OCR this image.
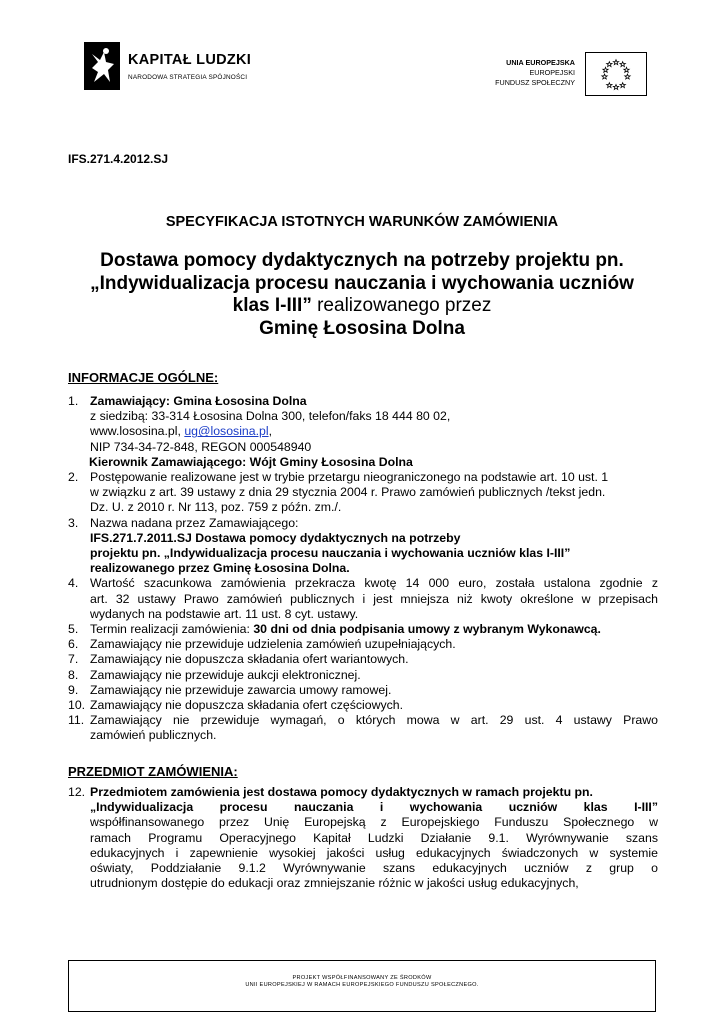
KAPITAŁ LUDZKI
NARODOWA STRATEGIA SPÓJNOŚCI
UNIA EUROPEJSKA
EUROPEJSKI
FUNDUSZ SPOŁECZNY
IFS.271.4.2012.SJ
SPECYFIKACJA ISTOTNYCH WARUNKÓW ZAMÓWIENIA
Dostawa pomocy dydaktycznych na potrzeby projektu pn.
„Indywidualizacja procesu nauczania i wychowania uczniów
klas I-III” realizowanego przez
Gminę Łososina Dolna
INFORMACJE OGÓLNE:
1. Zamawiający: Gmina Łososina Dolna
z siedzibą: 33-314 Łososina Dolna 300, telefon/faks 18 444 80 02,
www.lososina.pl, ug@lososina.pl,
NIP 734-34-72-848, REGON 000548940
Kierownik Zamawiającego: Wójt Gminy Łososina Dolna
2. Postępowanie realizowane jest w trybie przetargu nieograniczonego na podstawie art. 10 ust. 1
w związku z art. 39 ustawy z dnia 29 stycznia 2004 r. Prawo zamówień publicznych /tekst jedn.
Dz. U. z 2010 r. Nr 113, poz. 759 z późn. zm./.
3. Nazwa nadana przez Zamawiającego:
IFS.271.7.2011.SJ Dostawa pomocy dydaktycznych na potrzeby
projektu pn. „Indywidualizacja procesu nauczania i wychowania uczniów klas I-III”
realizowanego przez Gminę Łososina Dolna.
4. Wartość szacunkowa zamówienia przekracza kwotę 14 000 euro, została ustalona zgodnie z
art. 32 ustawy Prawo zamówień publicznych i jest mniejsza niż kwoty określone w przepisach
wydanych na podstawie art. 11 ust. 8 cyt. ustawy.
5. Termin realizacji zamówienia: 30 dni od dnia podpisania umowy z wybranym Wykonawcą.
6. Zamawiający nie przewiduje udzielenia zamówień uzupełniających.
7. Zamawiający nie dopuszcza składania ofert wariantowych.
8. Zamawiający nie przewiduje aukcji elektronicznej.
9. Zamawiający nie przewiduje zawarcia umowy ramowej.
10. Zamawiający nie dopuszcza składania ofert częściowych.
11. Zamawiający nie przewiduje wymagań, o których mowa w art. 29 ust. 4 ustawy Prawo
zamówień publicznych.
PRZEDMIOT ZAMÓWIENIA:
12. Przedmiotem zamówienia jest dostawa pomocy dydaktycznych w ramach projektu pn.
„Indywidualizacja procesu nauczania i wychowania uczniów klas I-III”
współfinansowanego przez Unię Europejską z Europejskiego Funduszu Społecznego w
ramach Programu Operacyjnego Kapitał Ludzki Działanie 9.1. Wyrównywanie szans
edukacyjnych i zapewnienie wysokiej jakości usług edukacyjnych świadczonych w systemie
oświaty, Poddziałanie 9.1.2 Wyrównywanie szans edukacyjnych uczniów z grup o
utrudnionym dostępie do edukacji oraz zmniejszanie różnic w jakości usług edukacyjnych,
PROJEKT WSPÓŁFINANSOWANY ZE ŚRODKÓW
UNII EUROPEJSKIEJ W RAMACH EUROPEJSKIEGO FUNDUSZU SPOŁECZNEGO.
